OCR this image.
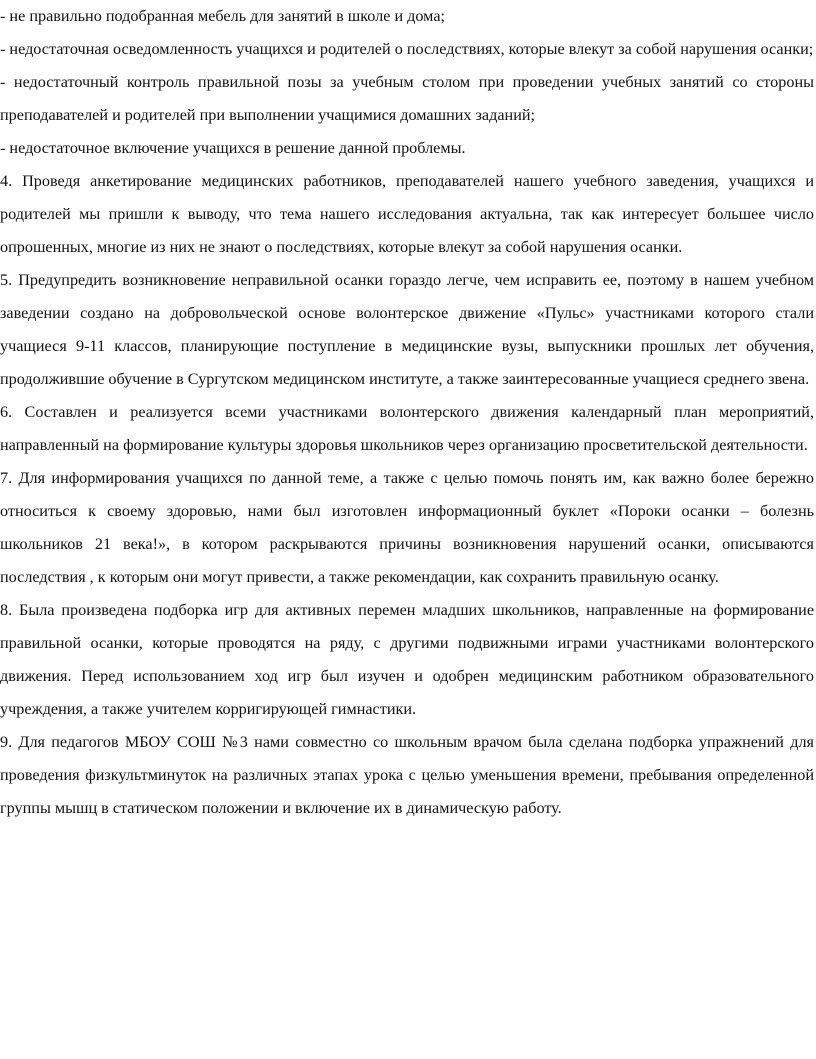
- не правильно подобранная мебель для занятий в школе и дома;

- недостаточная осведомленность учащихся и родителей о последствиях, которые влекут за собой нарушения осанки;

- недостаточный контроль правильной позы за учебным столом при проведении учебных занятий со стороны преподавателей и родителей при выполнении учащимися домашних заданий;

- недостаточное включение учащихся в решение данной проблемы.

4. Проведя анкетирование медицинских работников, преподавателей нашего учебного заведения, учащихся и родителей мы пришли к выводу, что тема нашего исследования актуальна, так как интересует большее число опрошенных, многие из них не знают о последствиях, которые влекут за собой нарушения осанки.

5. Предупредить возникновение неправильной осанки гораздо легче, чем исправить ее, поэтому в нашем учебном заведении создано на добровольческой основе волонтерское движение «Пульс» участниками которого стали учащиеся 9-11 классов, планирующие поступление в медицинские вузы, выпускники прошлых лет обучения, продолжившие обучение в Сургутском медицинском институте, а также заинтересованные учащиеся среднего звена.

6. Составлен и реализуется всеми участниками волонтерского движения календарный план мероприятий, направленный на формирование культуры здоровья школьников через организацию просветительской деятельности.

7. Для информирования учащихся по данной теме, а также с целью помочь понять им, как важно более бережно относиться к своему здоровью, нами был изготовлен информационный буклет «Пороки осанки – болезнь школьников 21 века!», в котором раскрываются причины возникновения нарушений осанки, описываются последствия , к которым они могут привести, а также рекомендации, как сохранить правильную осанку.

8. Была произведена подборка игр для активных перемен младших школьников, направленные на формирование правильной осанки, которые проводятся на ряду, с другими подвижными играми участниками волонтерского движения. Перед использованием ход игр был изучен и одобрен медицинским работником образовательного учреждения, а также учителем корригирующей гимнастики.

9. Для педагогов МБОУ СОШ №3 нами совместно со школьным врачом была сделана подборка упражнений для проведения физкультминуток на различных этапах урока с целью уменьшения времени, пребывания определенной группы мышц в статическом положении и включение их в динамическую работу.
